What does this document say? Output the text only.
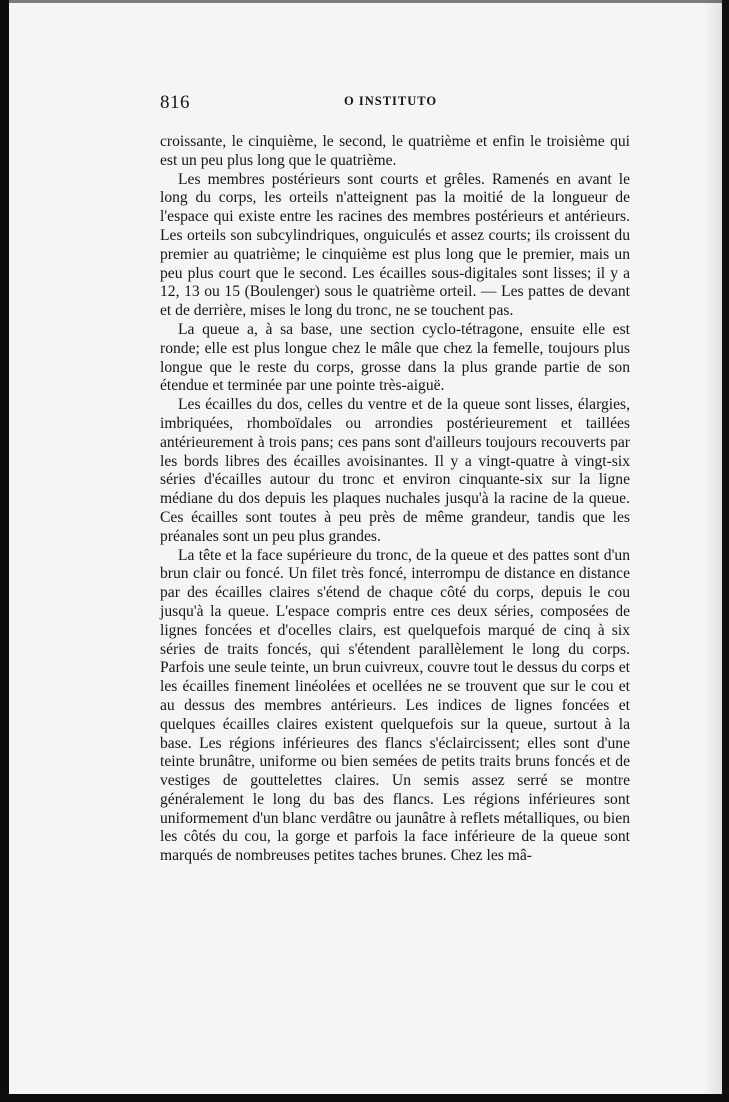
816	O INSTITUTO

croissante, le cinquième, le second, le quatrième et enfin le troisième qui est un peu plus long que le quatrième.

Les membres postérieurs sont courts et grêles. Ramenés en avant le long du corps, les orteils n'atteignent pas la moitié de la longueur de l'espace qui existe entre les racines des membres postérieurs et antérieurs. Les orteils son subcylindriques, onguiculés et assez courts; ils croissent du premier au quatrième; le cinquième est plus long que le premier, mais un peu plus court que le second. Les écailles sous-digitales sont lisses; il y a 12, 13 ou 15 (Boulenger) sous le quatrième orteil. — Les pattes de devant et de derrière, mises le long du tronc, ne se touchent pas.

La queue a, à sa base, une section cyclo-tétragone, ensuite elle est ronde; elle est plus longue chez le mâle que chez la femelle, toujours plus longue que le reste du corps, grosse dans la plus grande partie de son étendue et terminée par une pointe très-aiguë.

Les écailles du dos, celles du ventre et de la queue sont lisses, élargies, imbriquées, rhomboïdales ou arrondies postérieurement et taillées antérieurement à trois pans; ces pans sont d'ailleurs toujours recouverts par les bords libres des écailles avoisinantes. Il y a vingt-quatre à vingt-six séries d'écailles autour du tronc et environ cinquante-six sur la ligne médiane du dos depuis les plaques nuchales jusqu'à la racine de la queue. Ces écailles sont toutes à peu près de même grandeur, tandis que les préanales sont un peu plus grandes.

La tête et la face supérieure du tronc, de la queue et des pattes sont d'un brun clair ou foncé. Un filet très foncé, interrompu de distance en distance par des écailles claires s'étend de chaque côté du corps, depuis le cou jusqu'à la queue. L'espace compris entre ces deux séries, composées de lignes foncées et d'ocelles clairs, est quelquefois marqué de cinq à six séries de traits foncés, qui s'étendent parallèlement le long du corps. Parfois une seule teinte, un brun cuivreux, couvre tout le dessus du corps et les écailles finement linéolées et ocellées ne se trouvent que sur le cou et au dessus des membres antérieurs. Les indices de lignes foncées et quelques écailles claires existent quelquefois sur la queue, surtout à la base. Les régions inférieures des flancs s'éclaircissent; elles sont d'une teinte brunâtre, uniforme ou bien semées de petits traits bruns foncés et de vestiges de gouttelettes claires. Un semis assez serré se montre généralement le long du bas des flancs. Les régions inférieures sont uniformement d'un blanc verdâtre ou jaunâtre à reflets métalliques, ou bien les côtés du cou, la gorge et parfois la face inférieure de la queue sont marqués de nombreuses petites taches brunes. Chez les mâ-
